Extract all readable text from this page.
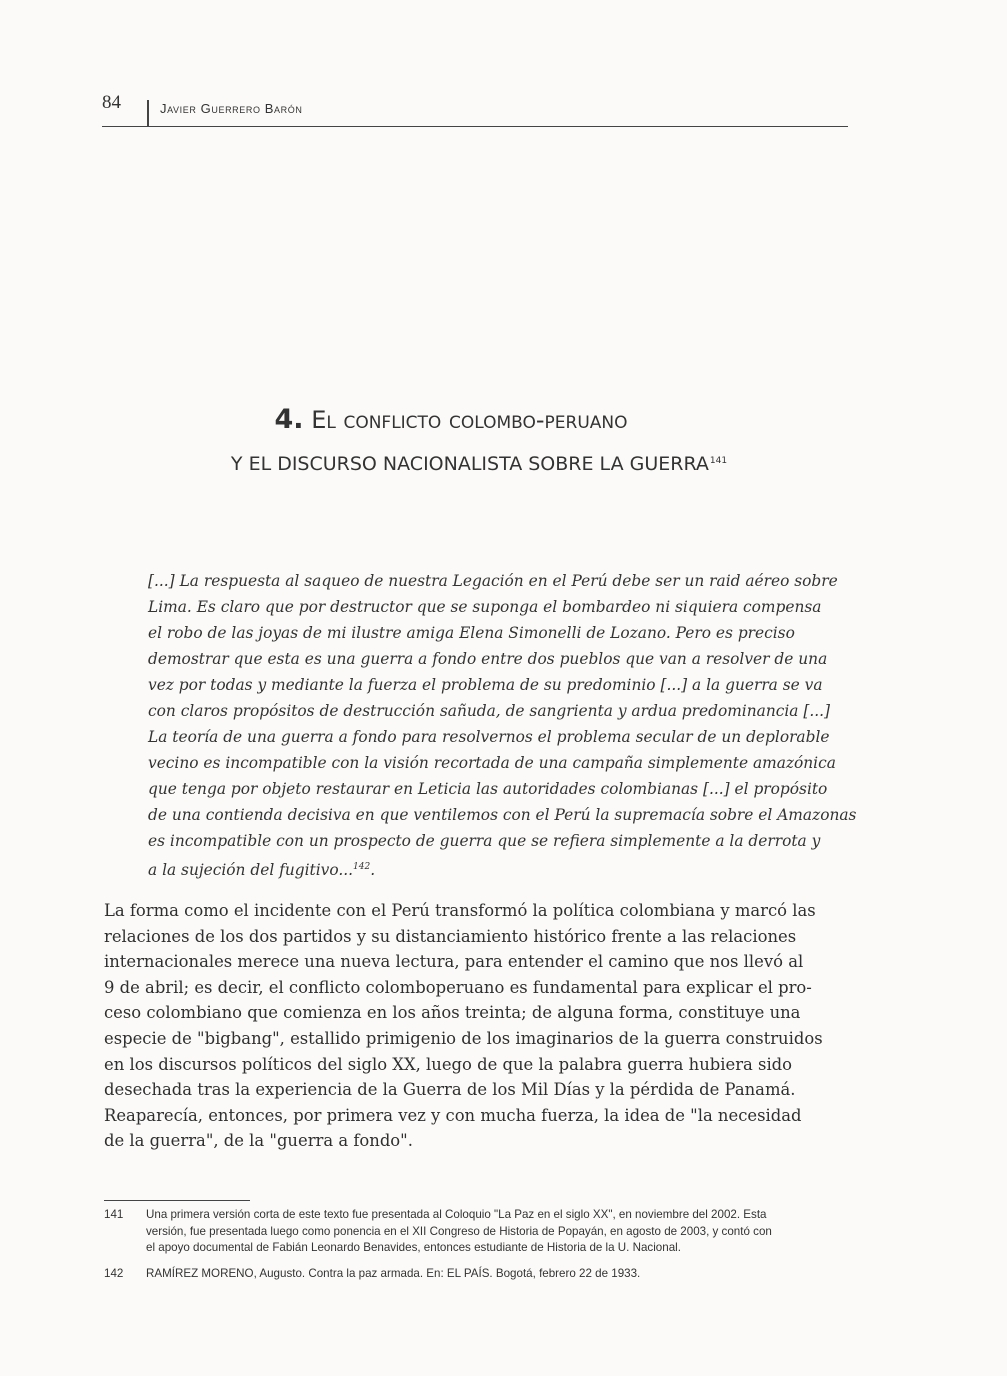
84	Javier Guerrero Barón
4. El conflicto colombo-peruano
Y EL DISCURSO NACIONALISTA SOBRE LA GUERRA$^{141}$
[...] La respuesta al saqueo de nuestra Legación en el Perú debe ser un raid aéreo sobre
Lima. Es claro que por destructor que se suponga el bombardeo ni siquiera compensa
el robo de las joyas de mi ilustre amiga Elena Simonelli de Lozano. Pero es preciso
demostrar que esta es una guerra a fondo entre dos pueblos que van a resolver de una
vez por todas y mediante la fuerza el problema de su predominio [...] a la guerra se va
con claros propósitos de destrucción sañuda, de sangrienta y ardua predominancia [...]
La teoría de una guerra a fondo para resolvernos el problema secular de un deplorable
vecino es incompatible con la visión recortada de una campaña simplemente amazónica
que tenga por objeto restaurar en Leticia las autoridades colombianas [...] el propósito
de una contienda decisiva en que ventilemos con el Perú la supremacía sobre el Amazonas
es incompatible con un prospecto de guerra que se refiera simplemente a la derrota y
a la sujeción del fugitivo...$^{142}$.
La forma como el incidente con el Perú transformó la política colombiana y marcó las
relaciones de los dos partidos y su distanciamiento histórico frente a las relaciones
internacionales merece una nueva lectura, para entender el camino que nos llevó al
9 de abril; es decir, el conflicto colomboperuano es fundamental para explicar el pro-
ceso colombiano que comienza en los años treinta; de alguna forma, constituye una
especie de "bigbang", estallido primigenio de los imaginarios de la guerra construidos
en los discursos políticos del siglo XX, luego de que la palabra guerra hubiera sido
desechada tras la experiencia de la Guerra de los Mil Días y la pérdida de Panamá.
Reaparecía, entonces, por primera vez y con mucha fuerza, la idea de "la necesidad
de la guerra", de la "guerra a fondo".
141 Una primera versión corta de este texto fue presentada al Coloquio "La Paz en el siglo XX", en noviembre del 2002. Esta
versión, fue presentada luego como ponencia en el XII Congreso de Historia de Popayán, en agosto de 2003, y contó con
el apoyo documental de Fabián Leonardo Benavides, entonces estudiante de Historia de la U. Nacional.
142 RAMÍREZ MORENO, Augusto. Contra la paz armada. En: EL PAÍS. Bogotá, febrero 22 de 1933.
